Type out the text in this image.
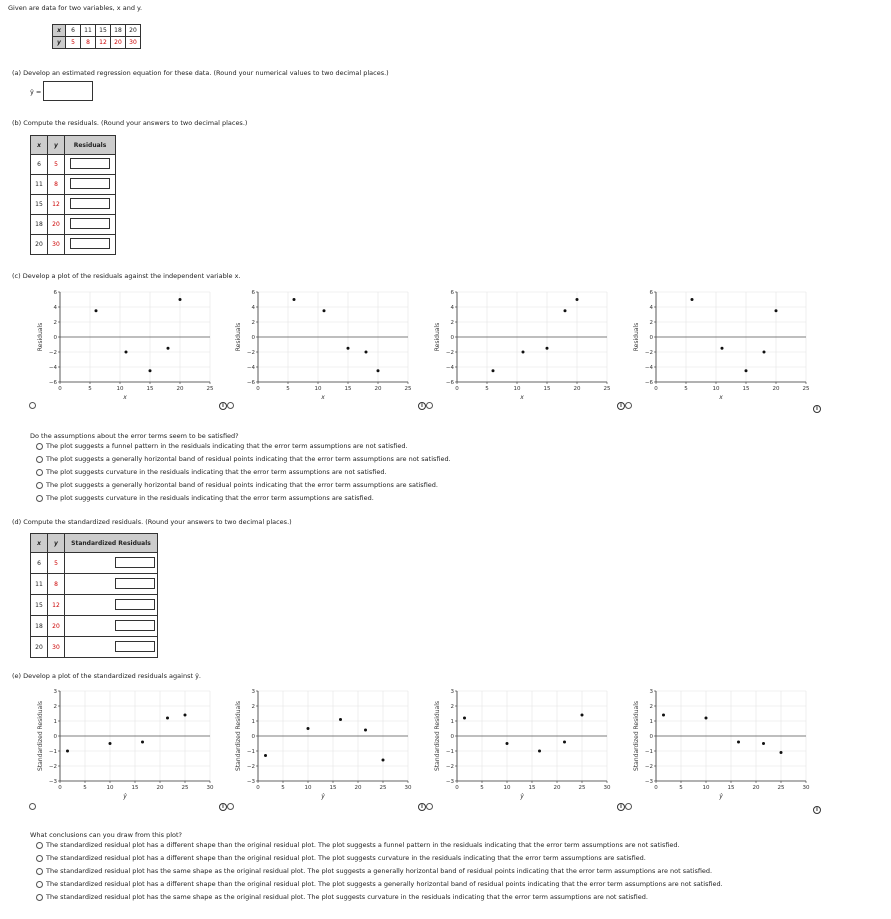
Given are data for two variables, x and y.
x	6	11	15	18	20
y	5	8	12	20	30
(a) Develop an estimated regression equation for these data. (Round your numerical values to two decimal places.)
ŷ =
(b) Compute the residuals. (Round your answers to two decimal places.)
x	y	Residuals
6	5	
11	8	
15	12	
18	20	
20	30	
(c) Develop a plot of the residuals against the independent variable x.
0	5	10	15	20	25
6
4
2
0
−2
−4
−6
x
Residuals
0	5	10	15	20	25
6
4
2
0
−2
−4
−6
x
Residuals
i
0	5	10	15	20	25
6
4
2
0
−2
−4
−6
x
Residuals
i
0	5	10	15	20	25
6
4
2
0
−2
−4
−6
x
Residuals
i	i
Do the assumptions about the error terms seem to be satisfied?
The plot suggests a funnel pattern in the residuals indicating that the error term assumptions are not satisfied.
The plot suggests a generally horizontal band of residual points indicating that the error term assumptions are not satisfied.
The plot suggests curvature in the residuals indicating that the error term assumptions are not satisfied.
The plot suggests a generally horizontal band of residual points indicating that the error term assumptions are satisfied.
The plot suggests curvature in the residuals indicating that the error term assumptions are satisfied.
(d) Compute the standardized residuals. (Round your answers to two decimal places.)
x	y	Standardized Residuals
6	5	
11	8	
15	12	
18	20	
20	30	
(e) Develop a plot of the standardized residuals against ŷ.
0	5	10	15	20	25	30
3
2
1
0
−1
−2
−3
ŷ
Standardized Residuals
0	5	10	15	20	25	30
3
2
1
0
−1
−2
−3
ŷ
Standardized Residuals
i
0	5	10	15	20	25	30
3
2
1
0
−1
−2
−3
ŷ
Standardized Residuals
i
0	5	10	15	20	25	30
3
2
1
0
−1
−2
−3
ŷ
Standardized Residuals
i	i
What conclusions can you draw from this plot?
The standardized residual plot has a different shape than the original residual plot. The plot suggests a funnel pattern in the residuals indicating that the error term assumptions are not satisfied.
The standardized residual plot has a different shape than the original residual plot. The plot suggests curvature in the residuals indicating that the error term assumptions are satisfied.
The standardized residual plot has the same shape as the original residual plot. The plot suggests a generally horizontal band of residual points indicating that the error term assumptions are not satisfied.
The standardized residual plot has a different shape than the original residual plot. The plot suggests a generally horizontal band of residual points indicating that the error term assumptions are not satisfied.
The standardized residual plot has the same shape as the original residual plot. The plot suggests curvature in the residuals indicating that the error term assumptions are not satisfied.
